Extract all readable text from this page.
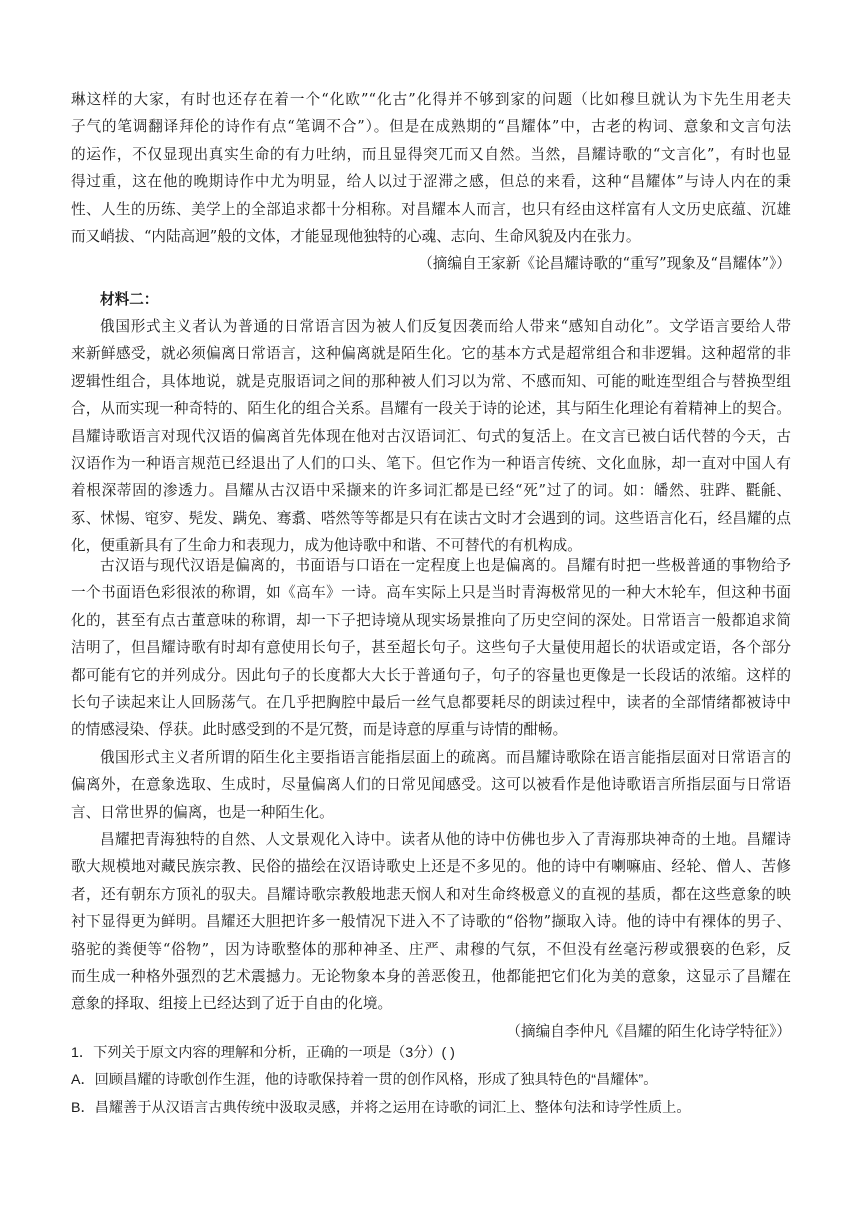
琳这样的大家，有时也还存在着一个“化欧”“化古”化得并不够到家的问题（比如穆旦就认为卞先生用老夫
子气的笔调翻译拜伦的诗作有点“笔调不合”）。但是在成熟期的“昌耀体”中，古老的构词、意象和文言句法
的运作，不仅显现出真实生命的有力吐纳，而且显得突兀而又自然。当然，昌耀诗歌的“文言化”，有时也显
得过重，这在他的晚期诗作中尤为明显，给人以过于涩滞之感，但总的来看，这种“昌耀体”与诗人内在的秉
性、人生的历练、美学上的全部追求都十分相称。对昌耀本人而言，也只有经由这样富有人文历史底蕴、沉雄
而又峭拔、“内陆高迥”般的文体，才能显现他独特的心魂、志向、生命风貌及内在张力。
（摘编自王家新《论昌耀诗歌的“重写”现象及“昌耀体”》）
材料二：
俄国形式主义者认为普通的日常语言因为被人们反复因袭而给人带来“感知自动化”。文学语言要给人带
来新鲜感受，就必须偏离日常语言，这种偏离就是陌生化。它的基本方式是超常组合和非逻辑。这种超常的非
逻辑性组合，具体地说，就是克服语词之间的那种被人们习以为常、不感而知、可能的毗连型组合与替换型组
合，从而实现一种奇特的、陌生化的组合关系。昌耀有一段关于诗的论述，其与陌生化理论有着精神上的契合。
昌耀诗歌语言对现代汉语的偏离首先体现在他对古汉语词汇、句式的复活上。在文言已被白话代替的今天，古
汉语作为一种语言规范已经退出了人们的口头、笔下。但它作为一种语言传统、文化血脉，却一直对中国人有
着根深蒂固的渗透力。昌耀从古汉语中采撷来的许多词汇都是已经“死”过了的词。如：皤然、驻跸、氍毹、
豖、怵惕、窀穸、髡发、蹒免、骞翥、嗒然等等都是只有在读古文时才会遇到的词。这些语言化石，经昌耀的点
化，便重新具有了生命力和表现力，成为他诗歌中和谐、不可替代的有机构成。
古汉语与现代汉语是偏离的，书面语与口语在一定程度上也是偏离的。昌耀有时把一些极普通的事物给予
一个书面语色彩很浓的称谓，如《高车》一诗。高车实际上只是当时青海极常见的一种大木轮车，但这种书面
化的，甚至有点古董意味的称谓，却一下子把诗境从现实场景推向了历史空间的深处。日常语言一般都追求简
洁明了，但昌耀诗歌有时却有意使用长句子，甚至超长句子。这些句子大量使用超长的状语或定语，各个部分
都可能有它的并列成分。因此句子的长度都大大长于普通句子，句子的容量也更像是一长段话的浓缩。这样的
长句子读起来让人回肠荡气。在几乎把胸腔中最后一丝气息都要耗尽的朗读过程中，读者的全部情绪都被诗中
的情感浸染、俘获。此时感受到的不是冗赘，而是诗意的厚重与诗情的酣畅。
俄国形式主义者所谓的陌生化主要指语言能指层面上的疏离。而昌耀诗歌除在语言能指层面对日常语言的
偏离外，在意象选取、生成时，尽量偏离人们的日常见闻感受。这可以被看作是他诗歌语言所指层面与日常语
言、日常世界的偏离，也是一种陌生化。
昌耀把青海独特的自然、人文景观化入诗中。读者从他的诗中仿佛也步入了青海那块神奇的土地。昌耀诗
歌大规模地对藏民族宗教、民俗的描绘在汉语诗歌史上还是不多见的。他的诗中有喇嘛庙、经轮、僧人、苦修
者，还有朝东方顶礼的驭夫。昌耀诗歌宗教般地悲天悯人和对生命终极意义的直视的基质，都在这些意象的映
衬下显得更为鲜明。昌耀还大胆把许多一般情况下进入不了诗歌的“俗物”撷取入诗。他的诗中有裸体的男子、
骆驼的粪便等“俗物”，因为诗歌整体的那种神圣、庄严、肃穆的气氛，不但没有丝毫污秽或猥亵的色彩，反
而生成一种格外强烈的艺术震撼力。无论物象本身的善恶俊丑，他都能把它们化为美的意象，这显示了昌耀在
意象的择取、组接上已经达到了近于自由的化境。
（摘编自李仲凡《昌耀的陌生化诗学特征》）
1．下列关于原文内容的理解和分析，正确的一项是（3分）( )
A．回顾昌耀的诗歌创作生涯，他的诗歌保持着一贯的创作风格，形成了独具特色的“昌耀体”。
B．昌耀善于从汉语言古典传统中汲取灵感，并将之运用在诗歌的词汇上、整体句法和诗学性质上。
